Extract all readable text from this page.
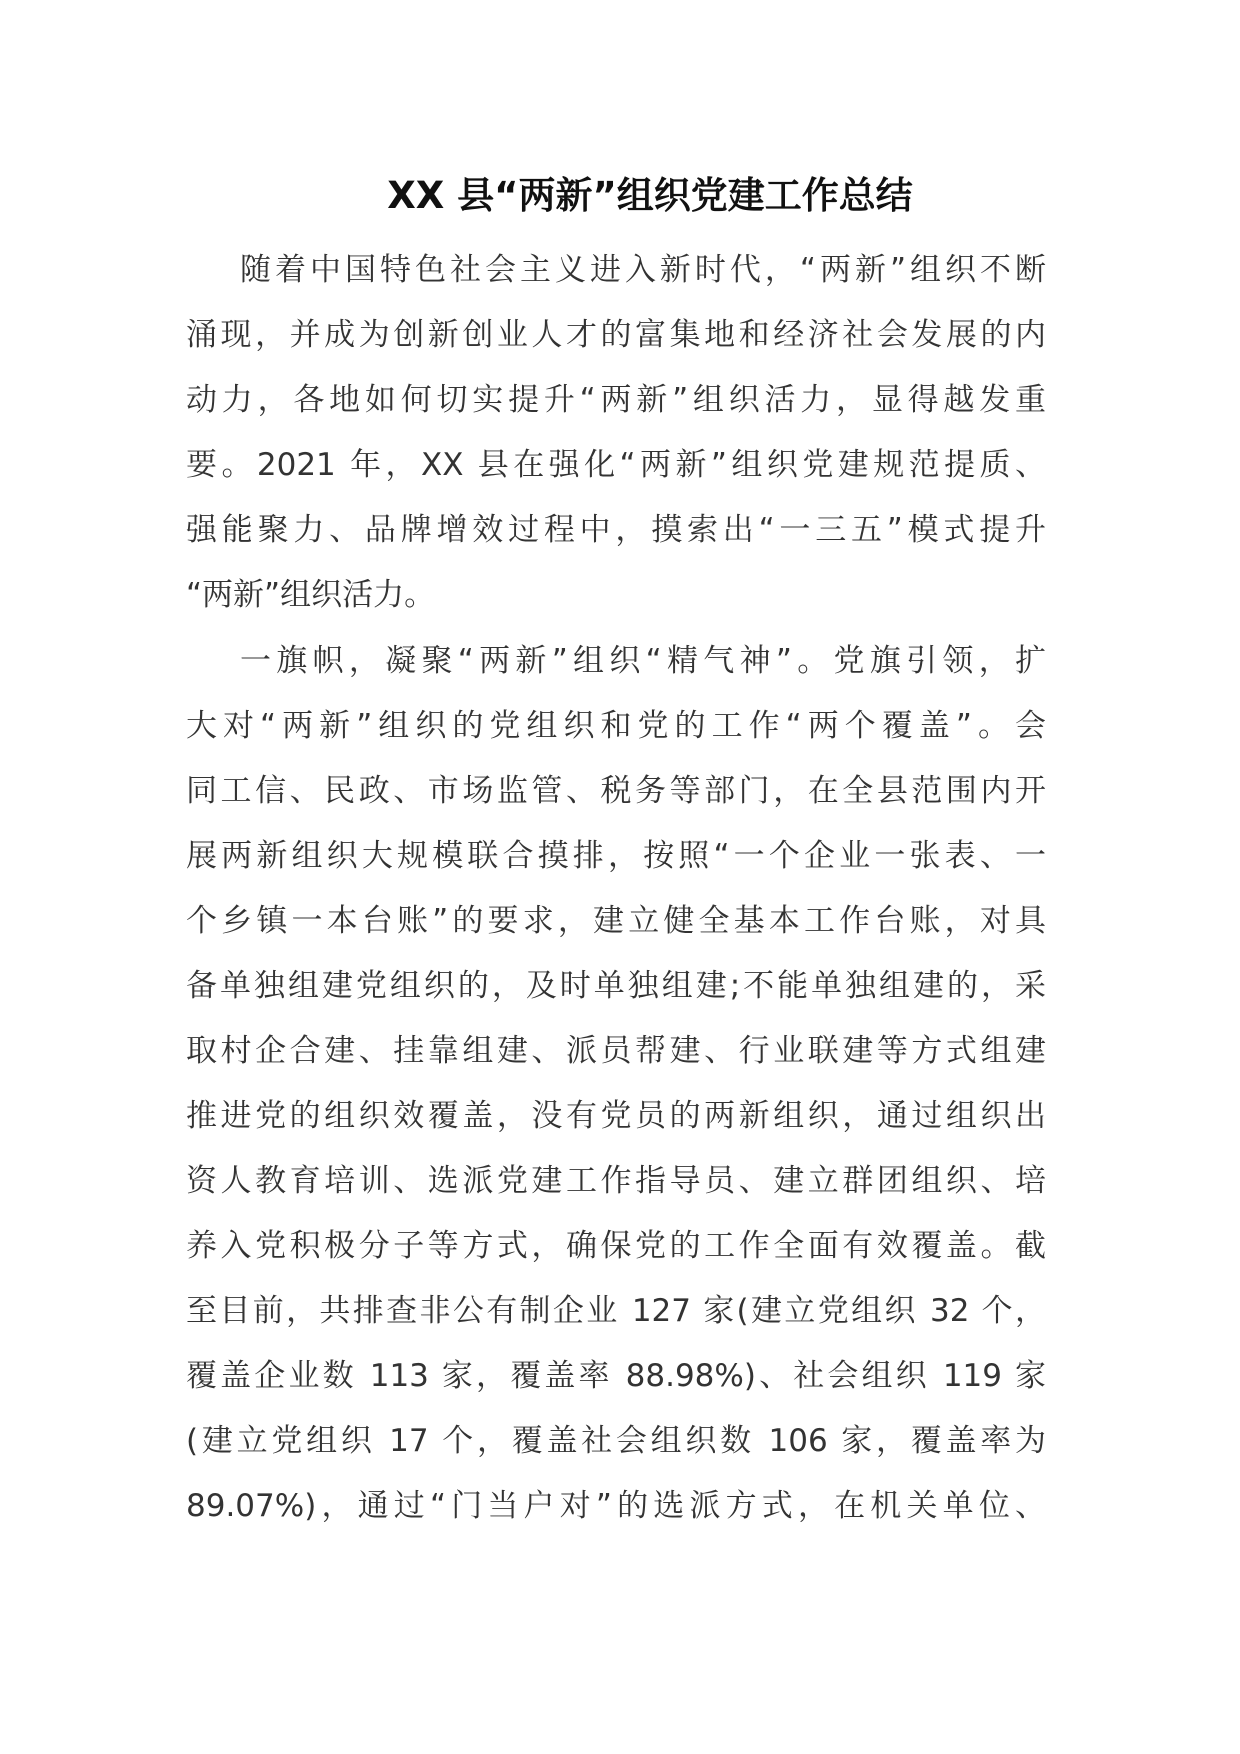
XX 县“两新”组织党建工作总结
随着中国特色社会主义进入新时代，“两新”组织不断
涌现，并成为创新创业人才的富集地和经济社会发展的内
动力，各地如何切实提升“两新”组织活力，显得越发重
要。2021 年，XX 县在强化“两新”组织党建规范提质、
强能聚力、品牌增效过程中，摸索出“一三五”模式提升
“两新”组织活力。
一旗帜，凝聚“两新”组织“精气神”。党旗引领，扩
大对“两新”组织的党组织和党的工作“两个覆盖”。会
同工信、民政、市场监管、税务等部门，在全县范围内开
展两新组织大规模联合摸排，按照“一个企业一张表、一
个乡镇一本台账”的要求，建立健全基本工作台账，对具
备单独组建党组织的，及时单独组建;不能单独组建的，采
取村企合建、挂靠组建、派员帮建、行业联建等方式组建
推进党的组织效覆盖，没有党员的两新组织，通过组织出
资人教育培训、选派党建工作指导员、建立群团组织、培
养入党积极分子等方式，确保党的工作全面有效覆盖。截
至目前，共排查非公有制企业 127 家(建立党组织 32 个，
覆盖企业数 113 家，覆盖率 88.98%)、社会组织 119 家
(建立党组织 17 个，覆盖社会组织数 106 家，覆盖率为
89.07%)，通过“门当户对”的选派方式，在机关单位、
